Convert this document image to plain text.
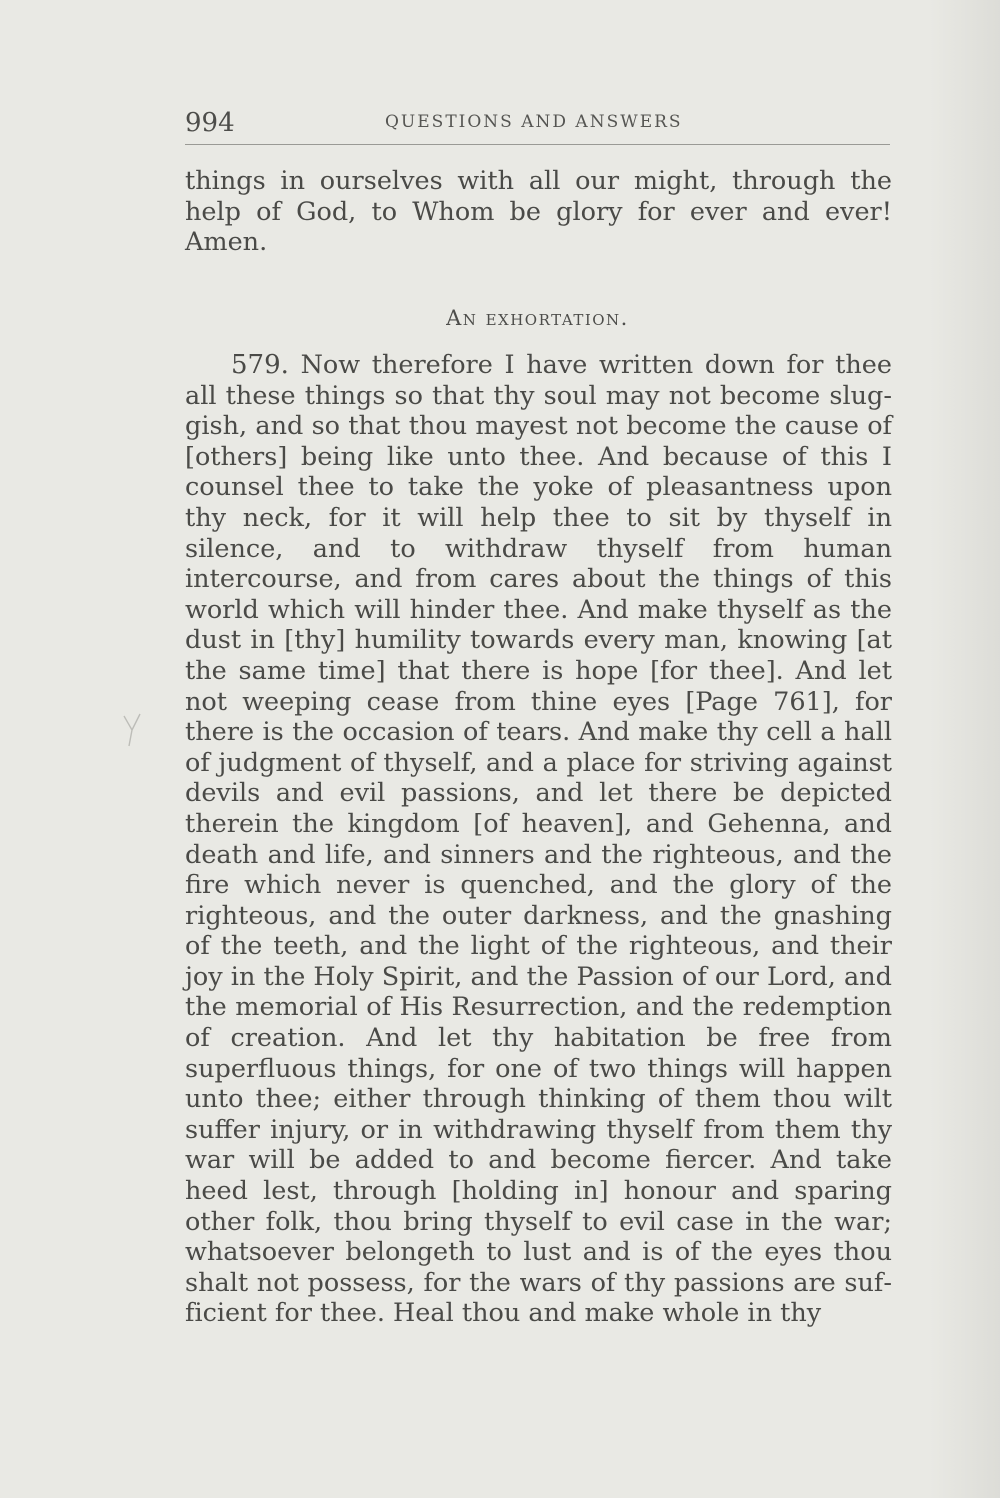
994	QUESTIONS AND ANSWERS

things in ourselves with all our might, through the help of God, to Whom be glory for ever and ever! Amen.

An exhortation.

579. Now therefore I have written down for thee all these things so that thy soul may not become sluggish, and so that thou mayest not become the cause of [others] being like unto thee. And because of this I counsel thee to take the yoke of pleasantness upon thy neck, for it will help thee to sit by thyself in silence, and to withdraw thyself from human intercourse, and from cares about the things of this world which will hinder thee. And make thyself as the dust in [thy] humility towards every man, knowing [at the same time] that there is hope [for thee]. And let not weeping cease from thine eyes [Page 761], for there is the occasion of tears. And make thy cell a hall of judgment of thyself, and a place for striving against devils and evil passions, and let there be depicted therein the kingdom [of heaven], and Gehenna, and death and life, and sinners and the righteous, and the fire which never is quenched, and the glory of the righteous, and the outer darkness, and the gnashing of the teeth, and the light of the righteous, and their joy in the Holy Spirit, and the Passion of our Lord, and the memorial of His Resurrection, and the redemption of creation. And let thy habitation be free from superfluous things, for one of two things will happen unto thee; either through thinking of them thou wilt suffer injury, or in withdrawing thyself from them thy war will be added to and become fiercer. And take heed lest, through [holding in] honour and sparing other folk, thou bring thyself to evil case in the war; whatsoever belongeth to lust and is of the eyes thou shalt not possess, for the wars of thy passions are sufficient for thee. Heal thou and make whole in thy
